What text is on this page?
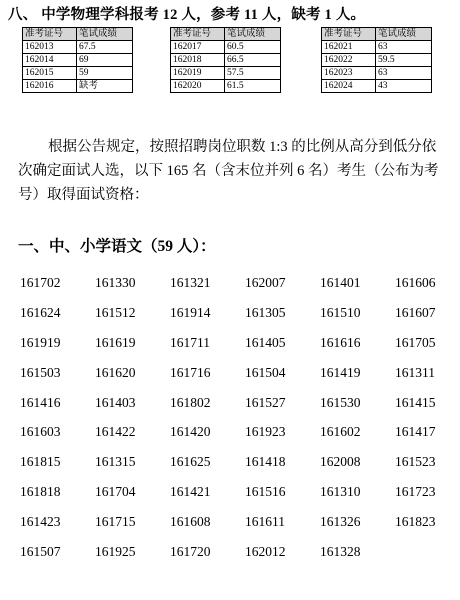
八、 中学物理学科报考 12 人，参考 11 人，缺考 1 人。
准考证号	笔试成绩
162013	67.5
162014	69
162015	59
162016	缺考
准考证号	笔试成绩
162017	60.5
162018	66.5
162019	57.5
162020	61.5
准考证号	笔试成绩
162021	63
162022	59.5
162023	63
162024	43
根据公告规定，按照招聘岗位职数 1:3 的比例从高分到低分依
次确定面试人选，以下 165 名（含末位并列 6 名）考生（公布为考
号）取得面试资格：
一、中、小学语文（59 人）：
161702	161330	161321	162007	161401	161606
161624	161512	161914	161305	161510	161607
161919	161619	161711	161405	161616	161705
161503	161620	161716	161504	161419	161311
161416	161403	161802	161527	161530	161415
161603	161422	161420	161923	161602	161417
161815	161315	161625	161418	162008	161523
161818	161704	161421	161516	161310	161723
161423	161715	161608	161611	161326	161823
161507	161925	161720	162012	161328
